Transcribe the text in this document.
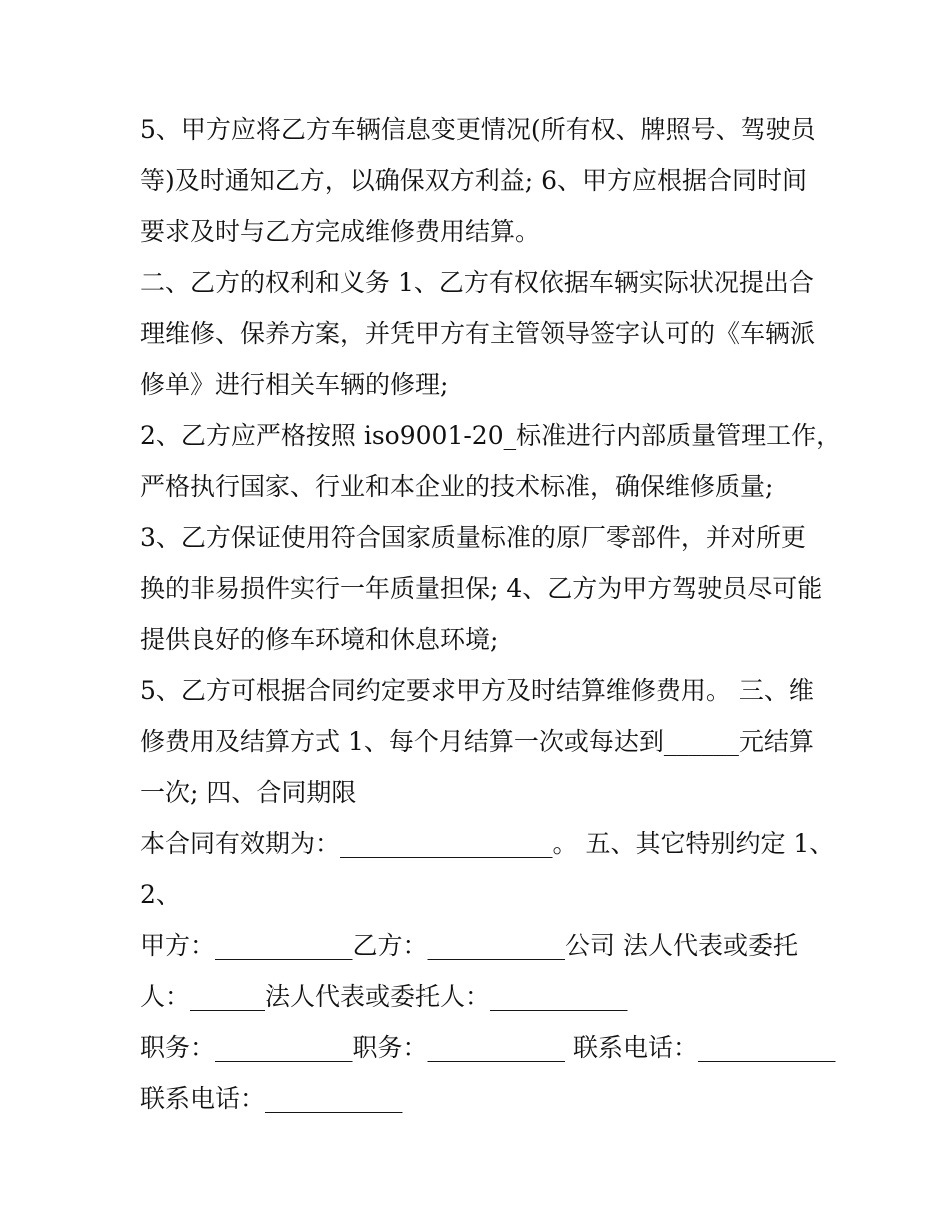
5、甲方应将乙方车辆信息变更情况(所有权、牌照号、驾驶员
等)及时通知乙方，以确保双方利益; 6、甲方应根据合同时间
要求及时与乙方完成维修费用结算。
二、乙方的权利和义务 1、乙方有权依据车辆实际状况提出合
理维修、保养方案，并凭甲方有主管领导签字认可的《车辆派
修单》进行相关车辆的修理;
2、乙方应严格按照 iso9001-20_标准进行内部质量管理工作，
严格执行国家、行业和本企业的技术标准，确保维修质量;
3、乙方保证使用符合国家质量标准的原厂零部件，并对所更
换的非易损件实行一年质量担保; 4、乙方为甲方驾驶员尽可能
提供良好的修车环境和休息环境;
5、乙方可根据合同约定要求甲方及时结算维修费用。 三、维
修费用及结算方式 1、每个月结算一次或每达到______元结算
一次; 四、合同期限
本合同有效期为：_________________。 五、其它特别约定 1、
2、
甲方：___________乙方：___________公司 法人代表或委托
人：______法人代表或委托人：___________
职务：___________职务：___________ 联系电话：___________
联系电话：___________
